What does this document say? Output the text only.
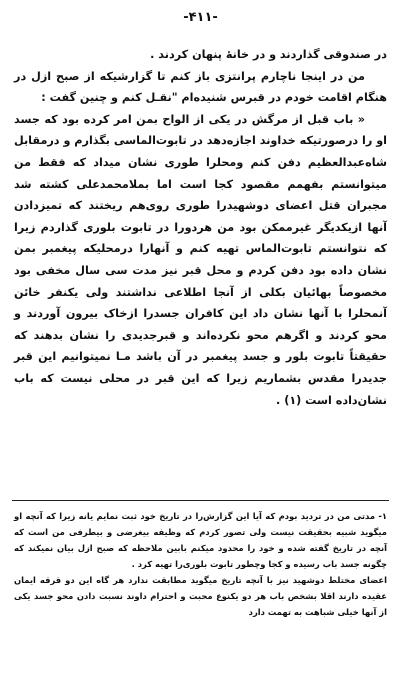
-۴۱۱-

در صندوقی گذاردند و در خانهٔ پنهان کردند .

من در اینجا ناچارم پرانتزی باز کنم تا گزارشیکه از صبح ازل در هنگام اقامت خودم در قبرس شنیده‌ام "نقـل کنم و چنین گفت :

« باب قبل از مرگش در یکی از الواح بمن امر کرده بود که جسد او را درصورتیکه خداوند اجازه‌دهد در تابوت‌الماسی بگذارم و درمقابل شاه‌عبدالعظیم دفن کنم ومحلرا طوری نشان میداد که فقط من میتوانستم بفهمم مقصود کجا است اما بملامحمدعلی کشته شد مجبران قتل اعضای دوشهیدرا طوری روی‌هم ریختند که تمیزدادن آنها ازیکدیگر غیرممکن بود من هردورا در تابوت بلوری گذاردم زیرا که نتوانستم تابوت‌الماس تهیه کنم و آنهارا درمحلیکه پیغمبر بمن نشان داده بود دفن کردم و محل قبر نیز مدت سی سال مخفی بود مخصوصاً بهائیان بکلی از آنجا اطلاعی نداشتند ولی یکنفر خائن آنمحلرا با آنها نشان داد این کافران جسدرا ازخاک بیرون آوردند و محو کردند و اگرهم محو نکرده‌اند و قبرجدیدی را نشان بدهند که حقیقتاً تابوت بلور و جسد پیغمبر در آن باشد مـا نمیتوانیم این قبر جدیدرا مقدس بشماریم زیرا که این قبر در محلی نیست که باب نشان‌داده است (۱) .

۱- مدتی من در تردید بودم که آیا این گزارش‌را در تاریخ خود ثبت نمایم یانه زیرا که آنچه او میگوید شبیه بحقیقت نیست ولی تصور کردم که وظیفه بیغرضی و بیطرفی من است که آنچه در تاریخ گفته شده و خود را محدود میکنم بابین ملاحظه که صبح ازل بیان نمیکند که چگونه جسد باب رسیده و کجا وچطور تابوت بلوری‌را تهیه کرد .

اعضای مختلط دوشهید نیز با آنچه تاریخ میگوید مطابقت ندارد هر گاه این دو قرقه ایمان عقیده دارند اقلا بشخص باب هر دو یکنوع محبت و احترام داوند نسبت دادن محو جسد یکی از آنها خیلی شباهت به تهمت دارد
